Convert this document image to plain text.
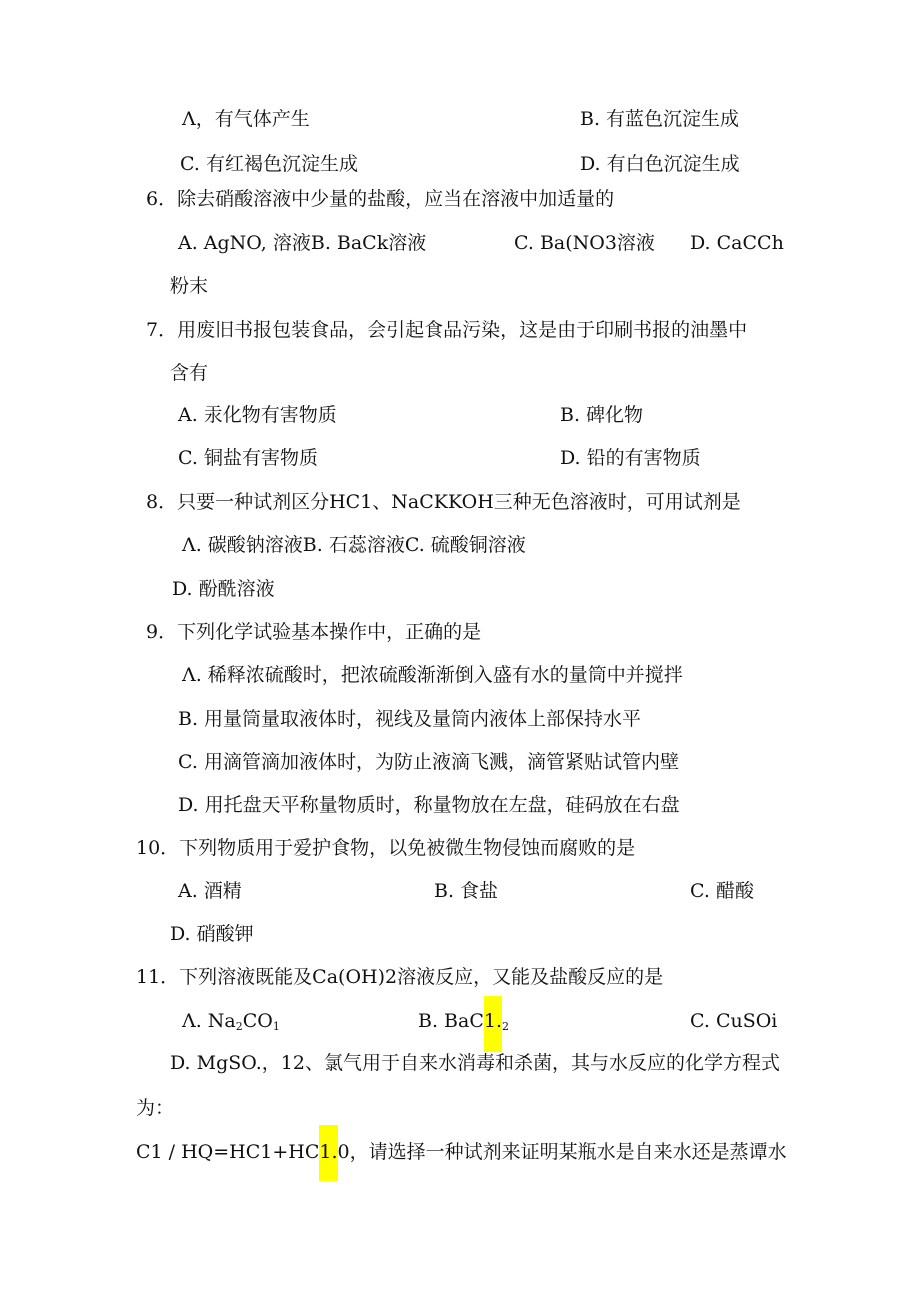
Λ，有气体产生	B. 有蓝色沉淀生成
C. 有红褐色沉淀生成	D. 有白色沉淀生成
6．除去硝酸溶液中少量的盐酸，应当在溶液中加适量的
A. AgNO, 溶液B. BaCk溶液	C. Ba(NO3溶液 D. CaCCh
粉末
7．用废旧书报包装食品，会引起食品污染，这是由于印刷书报的油墨中
含有
A. 汞化物有害物质	B. 碑化物
C. 铜盐有害物质	D. 铅的有害物质
8．只要一种试剂区分HC1、NaCKKOH三种无色溶液时，可用试剂是
Λ. 碳酸钠溶液B. 石蕊溶液C. 硫酸铜溶液
D. 酚酰溶液
9．下列化学试验基本操作中，正确的是
Λ. 稀释浓硫酸时，把浓硫酸渐渐倒入盛有水的量筒中并搅拌
B. 用量筒量取液体时，视线及量筒内液体上部保持水平
C. 用滴管滴加液体时，为防止液滴飞溅，滴管紧贴试管内壁
D. 用托盘天平称量物质时，称量物放在左盘，硅码放在右盘
10．下列物质用于爱护食物，以免被微生物侵蚀而腐败的是
A. 酒精	B. 食盐	C. 醋酸
D. 硝酸钾
11．下列溶液既能及Ca(OH)2溶液反应，又能及盐酸反应的是
Λ. $Na_2CO_1$	B. $BaC1._2$	C. CuSOi
D. MgSO.，12、氯气用于自来水消毒和杀菌，其与水反应的化学方程式
为：
C1 / HQ=HC1+HC1.0，请选择一种试剂来证明某瓶水是自来水还是蒸谭水
